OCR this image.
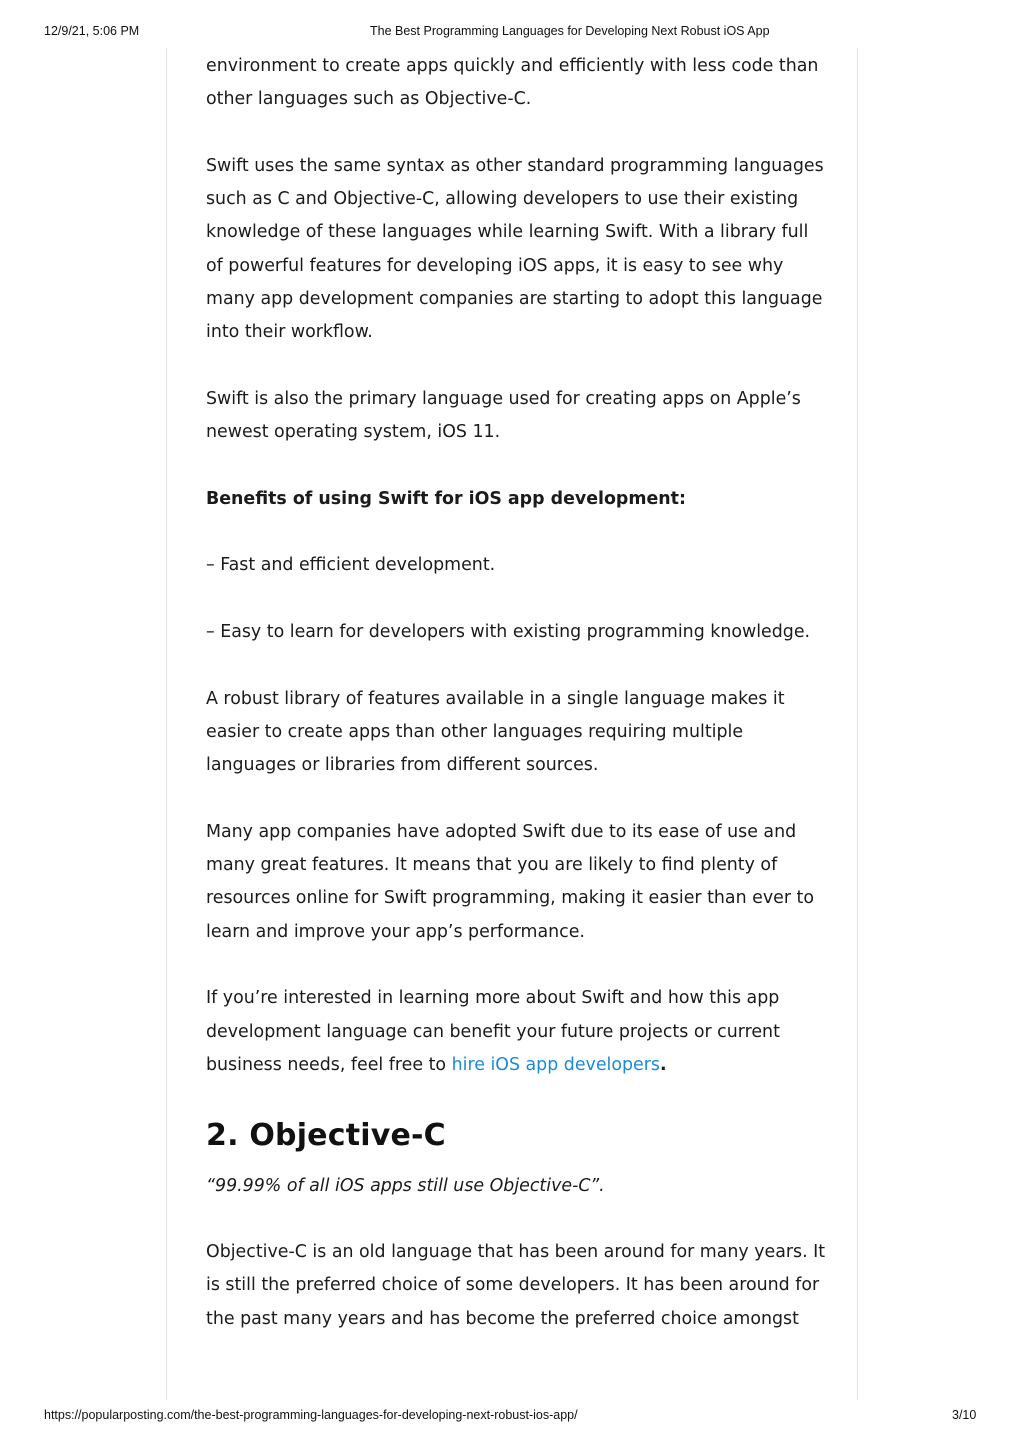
12/9/21, 5:06 PM	The Best Programming Languages for Developing Next Robust iOS App

environment to create apps quickly and efficiently with less code than other languages such as Objective-C.

Swift uses the same syntax as other standard programming languages such as C and Objective-C, allowing developers to use their existing knowledge of these languages while learning Swift. With a library full of powerful features for developing iOS apps, it is easy to see why many app development companies are starting to adopt this language into their workflow.

Swift is also the primary language used for creating apps on Apple’s newest operating system, iOS 11.

Benefits of using Swift for iOS app development:

– Fast and efficient development.

– Easy to learn for developers with existing programming knowledge.

A robust library of features available in a single language makes it easier to create apps than other languages requiring multiple languages or libraries from different sources.

Many app companies have adopted Swift due to its ease of use and many great features. It means that you are likely to find plenty of resources online for Swift programming, making it easier than ever to learn and improve your app’s performance.

If you’re interested in learning more about Swift and how this app development language can benefit your future projects or current business needs, feel free to hire iOS app developers.

2. Objective-C

“99.99% of all iOS apps still use Objective-C”.

Objective-C is an old language that has been around for many years. It is still the preferred choice of some developers. It has been around for the past many years and has become the preferred choice amongst

https://popularposting.com/the-best-programming-languages-for-developing-next-robust-ios-app/	3/10
